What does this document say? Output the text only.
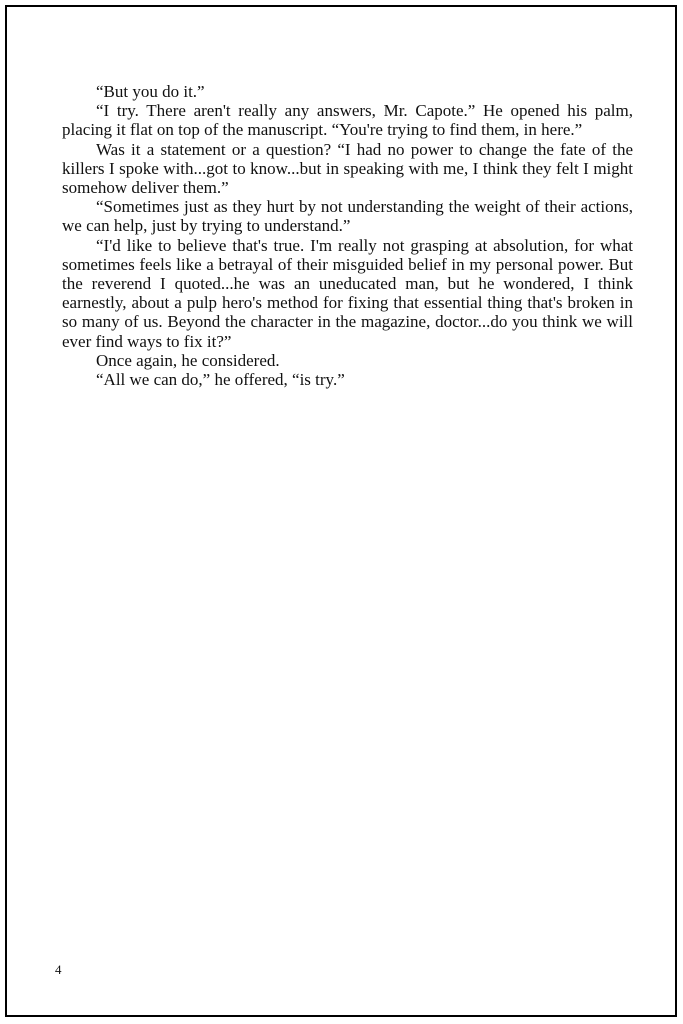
“But you do it.”

“I try. There aren't really any answers, Mr. Capote.” He opened his palm, placing it flat on top of the manuscript. “You're trying to find them, in here.”

Was it a statement or a question? “I had no power to change the fate of the killers I spoke with...got to know...but in speaking with me, I think they felt I might somehow deliver them.”

“Sometimes just as they hurt by not understanding the weight of their actions, we can help, just by trying to understand.”

“I'd like to believe that's true. I'm really not grasping at absolution, for what sometimes feels like a betrayal of their misguided belief in my personal power. But the reverend I quoted...he was an uneducated man, but he wondered, I think earnestly, about a pulp hero's method for fixing that essential thing that's broken in so many of us. Beyond the character in the magazine, doctor...do you think we will ever find ways to fix it?”

Once again, he considered.

“All we can do,” he offered, “is try.”

4
